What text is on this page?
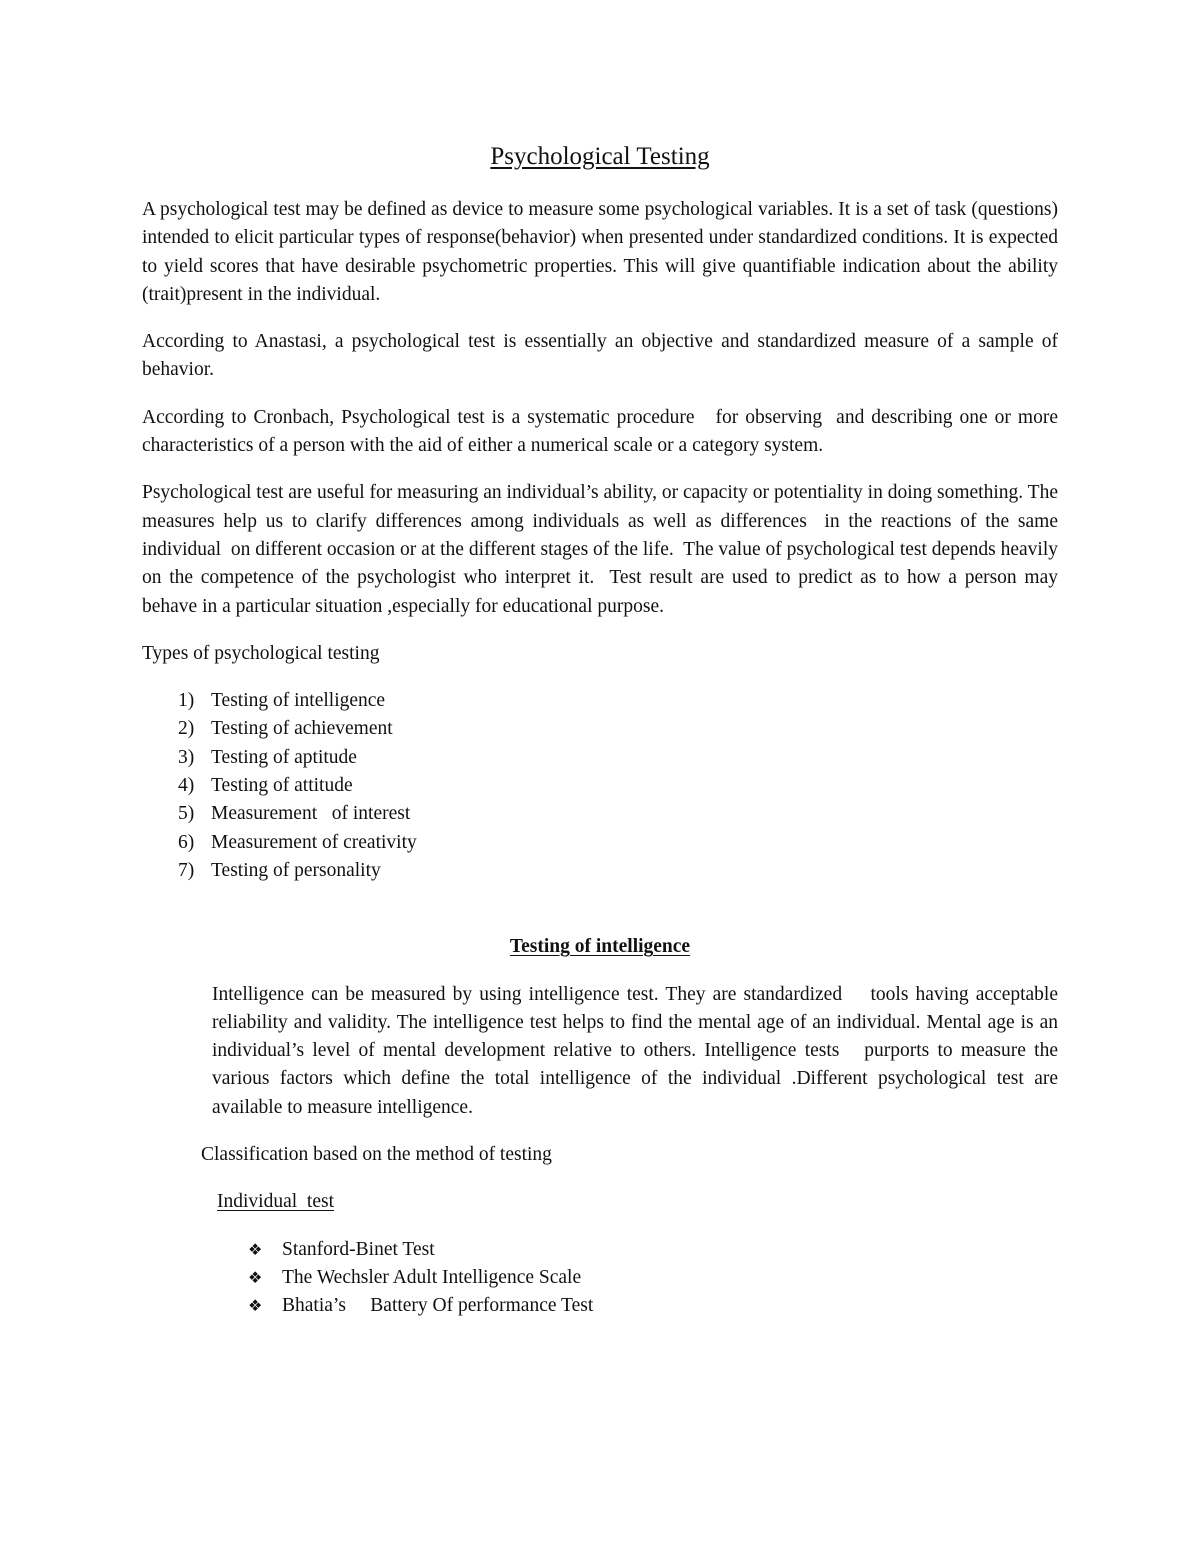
Psychological Testing

A psychological test may be defined as device to measure some psychological variables. It is a set of task (questions) intended to elicit particular types of response(behavior) when presented under standardized conditions. It is expected to yield scores that have desirable psychometric properties. This will give quantifiable indication about the ability (trait)present in the individual.

According to Anastasi, a psychological test is essentially an objective and standardized measure of a sample of behavior.

According to Cronbach, Psychological test is a systematic procedure   for observing  and describing one or more characteristics of a person with the aid of either a numerical scale or a category system.

Psychological test are useful for measuring an individual’s ability, or capacity or potentiality in doing something. The measures help us to clarify differences among individuals as well as differences  in the reactions of the same individual  on different occasion or at the different stages of the life.  The value of psychological test depends heavily on the competence of the psychologist who interpret it.  Test result are used to predict as to how a person may behave in a particular situation ,especially for educational purpose.

Types of psychological testing

1) Testing of intelligence
2) Testing of achievement
3) Testing of aptitude
4) Testing of attitude
5) Measurement   of interest
6) Measurement of creativity
7) Testing of personality
Testing of intelligence

Intelligence can be measured by using intelligence test. They are standardized    tools having acceptable reliability and validity. The intelligence test helps to find the mental age of an individual. Mental age is an individual’s level of mental development relative to others. Intelligence tests   purports to measure the various factors which define the total intelligence of the individual .Different psychological test are available to measure intelligence.

Classification based on the method of testing
Individual  test
❖ Stanford-Binet Test
❖ The Wechsler Adult Intelligence Scale
❖ Bhatia’s     Battery Of performance Test
